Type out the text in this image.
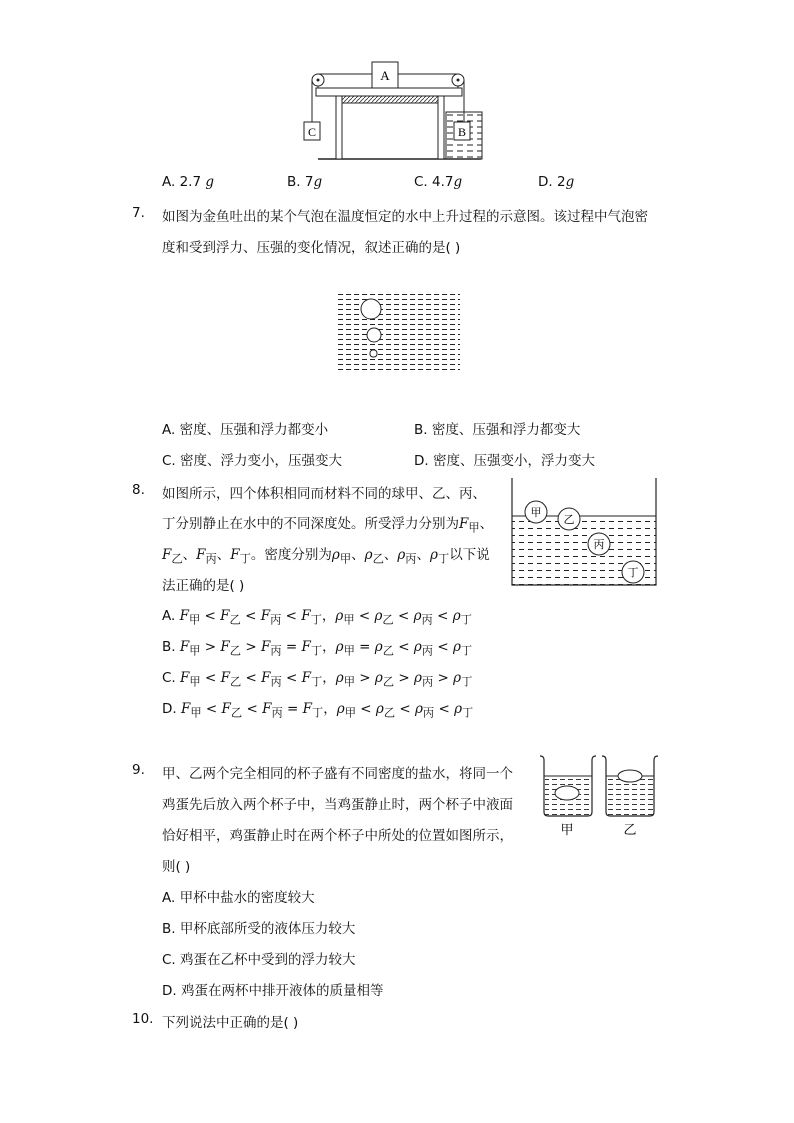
A
C	B
A. 2.7 g	B. 7g	C. 4.7g	D. 2g
7. 如图为金鱼吐出的某个气泡在温度恒定的水中上升过程的示意图。该过程中气泡密
度和受到浮力、压强的变化情况，叙述正确的是( )
A. 密度、压强和浮力都变小	B. 密度、压强和浮力都变大
C. 密度、浮力变小，压强变大	D. 密度、压强变小，浮力变大
8. 如图所示，四个体积相同而材料不同的球甲、乙、丙、
丁分别静止在水中的不同深度处。所受浮力分别为$F_甲$、
$F_乙$、$F_丙$、$F_丁$。密度分别为$\rho_甲$、$\rho_乙$、$\rho_丙$、$\rho_丁$以下说
法正确的是( )
甲
乙
丙
丁
A. $F_甲 < F_乙 < F_丙 < F_丁$，$\rho_甲 < \rho_乙 < \rho_丙 < \rho_丁$
B. $F_甲 > F_乙 > F_丙 = F_丁$，$\rho_甲 = \rho_乙 < \rho_丙 < \rho_丁$
C. $F_甲 < F_乙 < F_丙 < F_丁$，$\rho_甲 > \rho_乙 > \rho_丙 > \rho_丁$
D. $F_甲 < F_乙 < F_丙 = F_丁$，$\rho_甲 < \rho_乙 < \rho_丙 < \rho_丁$
9. 甲、乙两个完全相同的杯子盛有不同密度的盐水，将同一个
鸡蛋先后放入两个杯子中，当鸡蛋静止时，两个杯子中液面
恰好相平，鸡蛋静止时在两个杯子中所处的位置如图所示，
则( )
甲	乙
A. 甲杯中盐水的密度较大
B. 甲杯底部所受的液体压力较大
C. 鸡蛋在乙杯中受到的浮力较大
D. 鸡蛋在两杯中排开液体的质量相等
10. 下列说法中正确的是( )
